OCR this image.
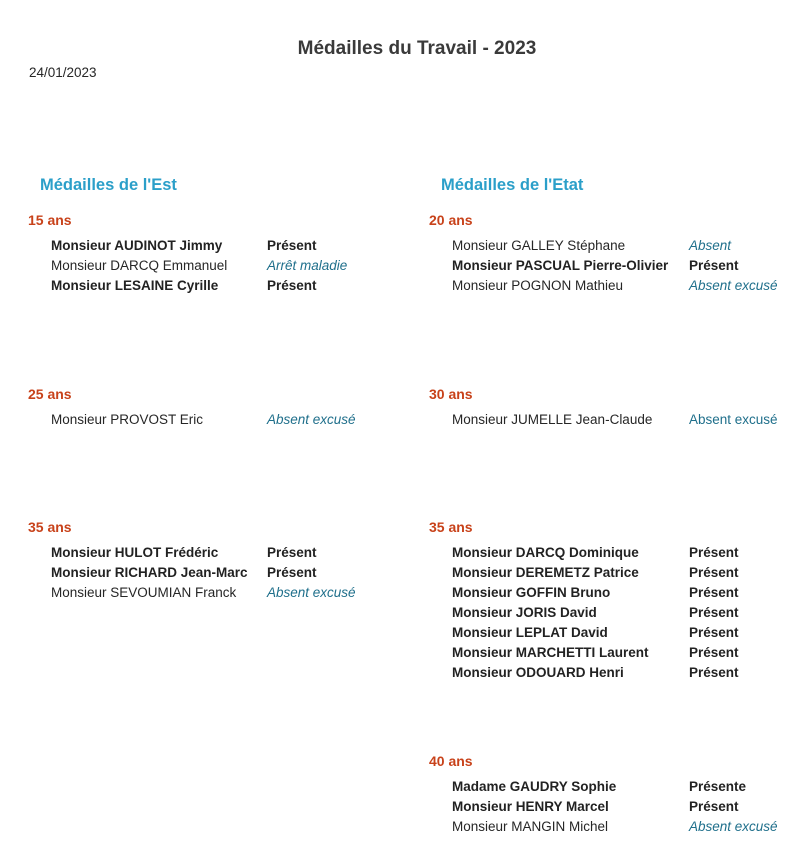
Médailles du Travail - 2023
24/01/2023
Médailles de l'Est
15 ans
Monsieur AUDINOT Jimmy	Présent
Monsieur DARCQ Emmanuel	Arrêt maladie
Monsieur LESAINE Cyrille	Présent
25 ans
Monsieur PROVOST Eric	Absent excusé
35 ans
Monsieur HULOT Frédéric	Présent
Monsieur RICHARD Jean-Marc Présent
Monsieur SEVOUMIAN Franck Absent excusé
Médailles de l'Etat
20 ans
Monsieur GALLEY Stéphane	Absent
Monsieur PASCUAL Pierre-Olivier Présent
Monsieur POGNON Mathieu	Absent excusé
30 ans
Monsieur JUMELLE Jean-Claude	Absent excusé
35 ans
Monsieur DARCQ Dominique	Présent
Monsieur DEREMETZ Patrice	Présent
Monsieur GOFFIN Bruno	Présent
Monsieur JORIS David	Présent
Monsieur LEPLAT David	Présent
Monsieur MARCHETTI Laurent	Présent
Monsieur ODOUARD Henri	Présent
40 ans
Madame GAUDRY Sophie	Présente
Monsieur HENRY Marcel	Présent
Monsieur MANGIN Michel	Absent excusé
